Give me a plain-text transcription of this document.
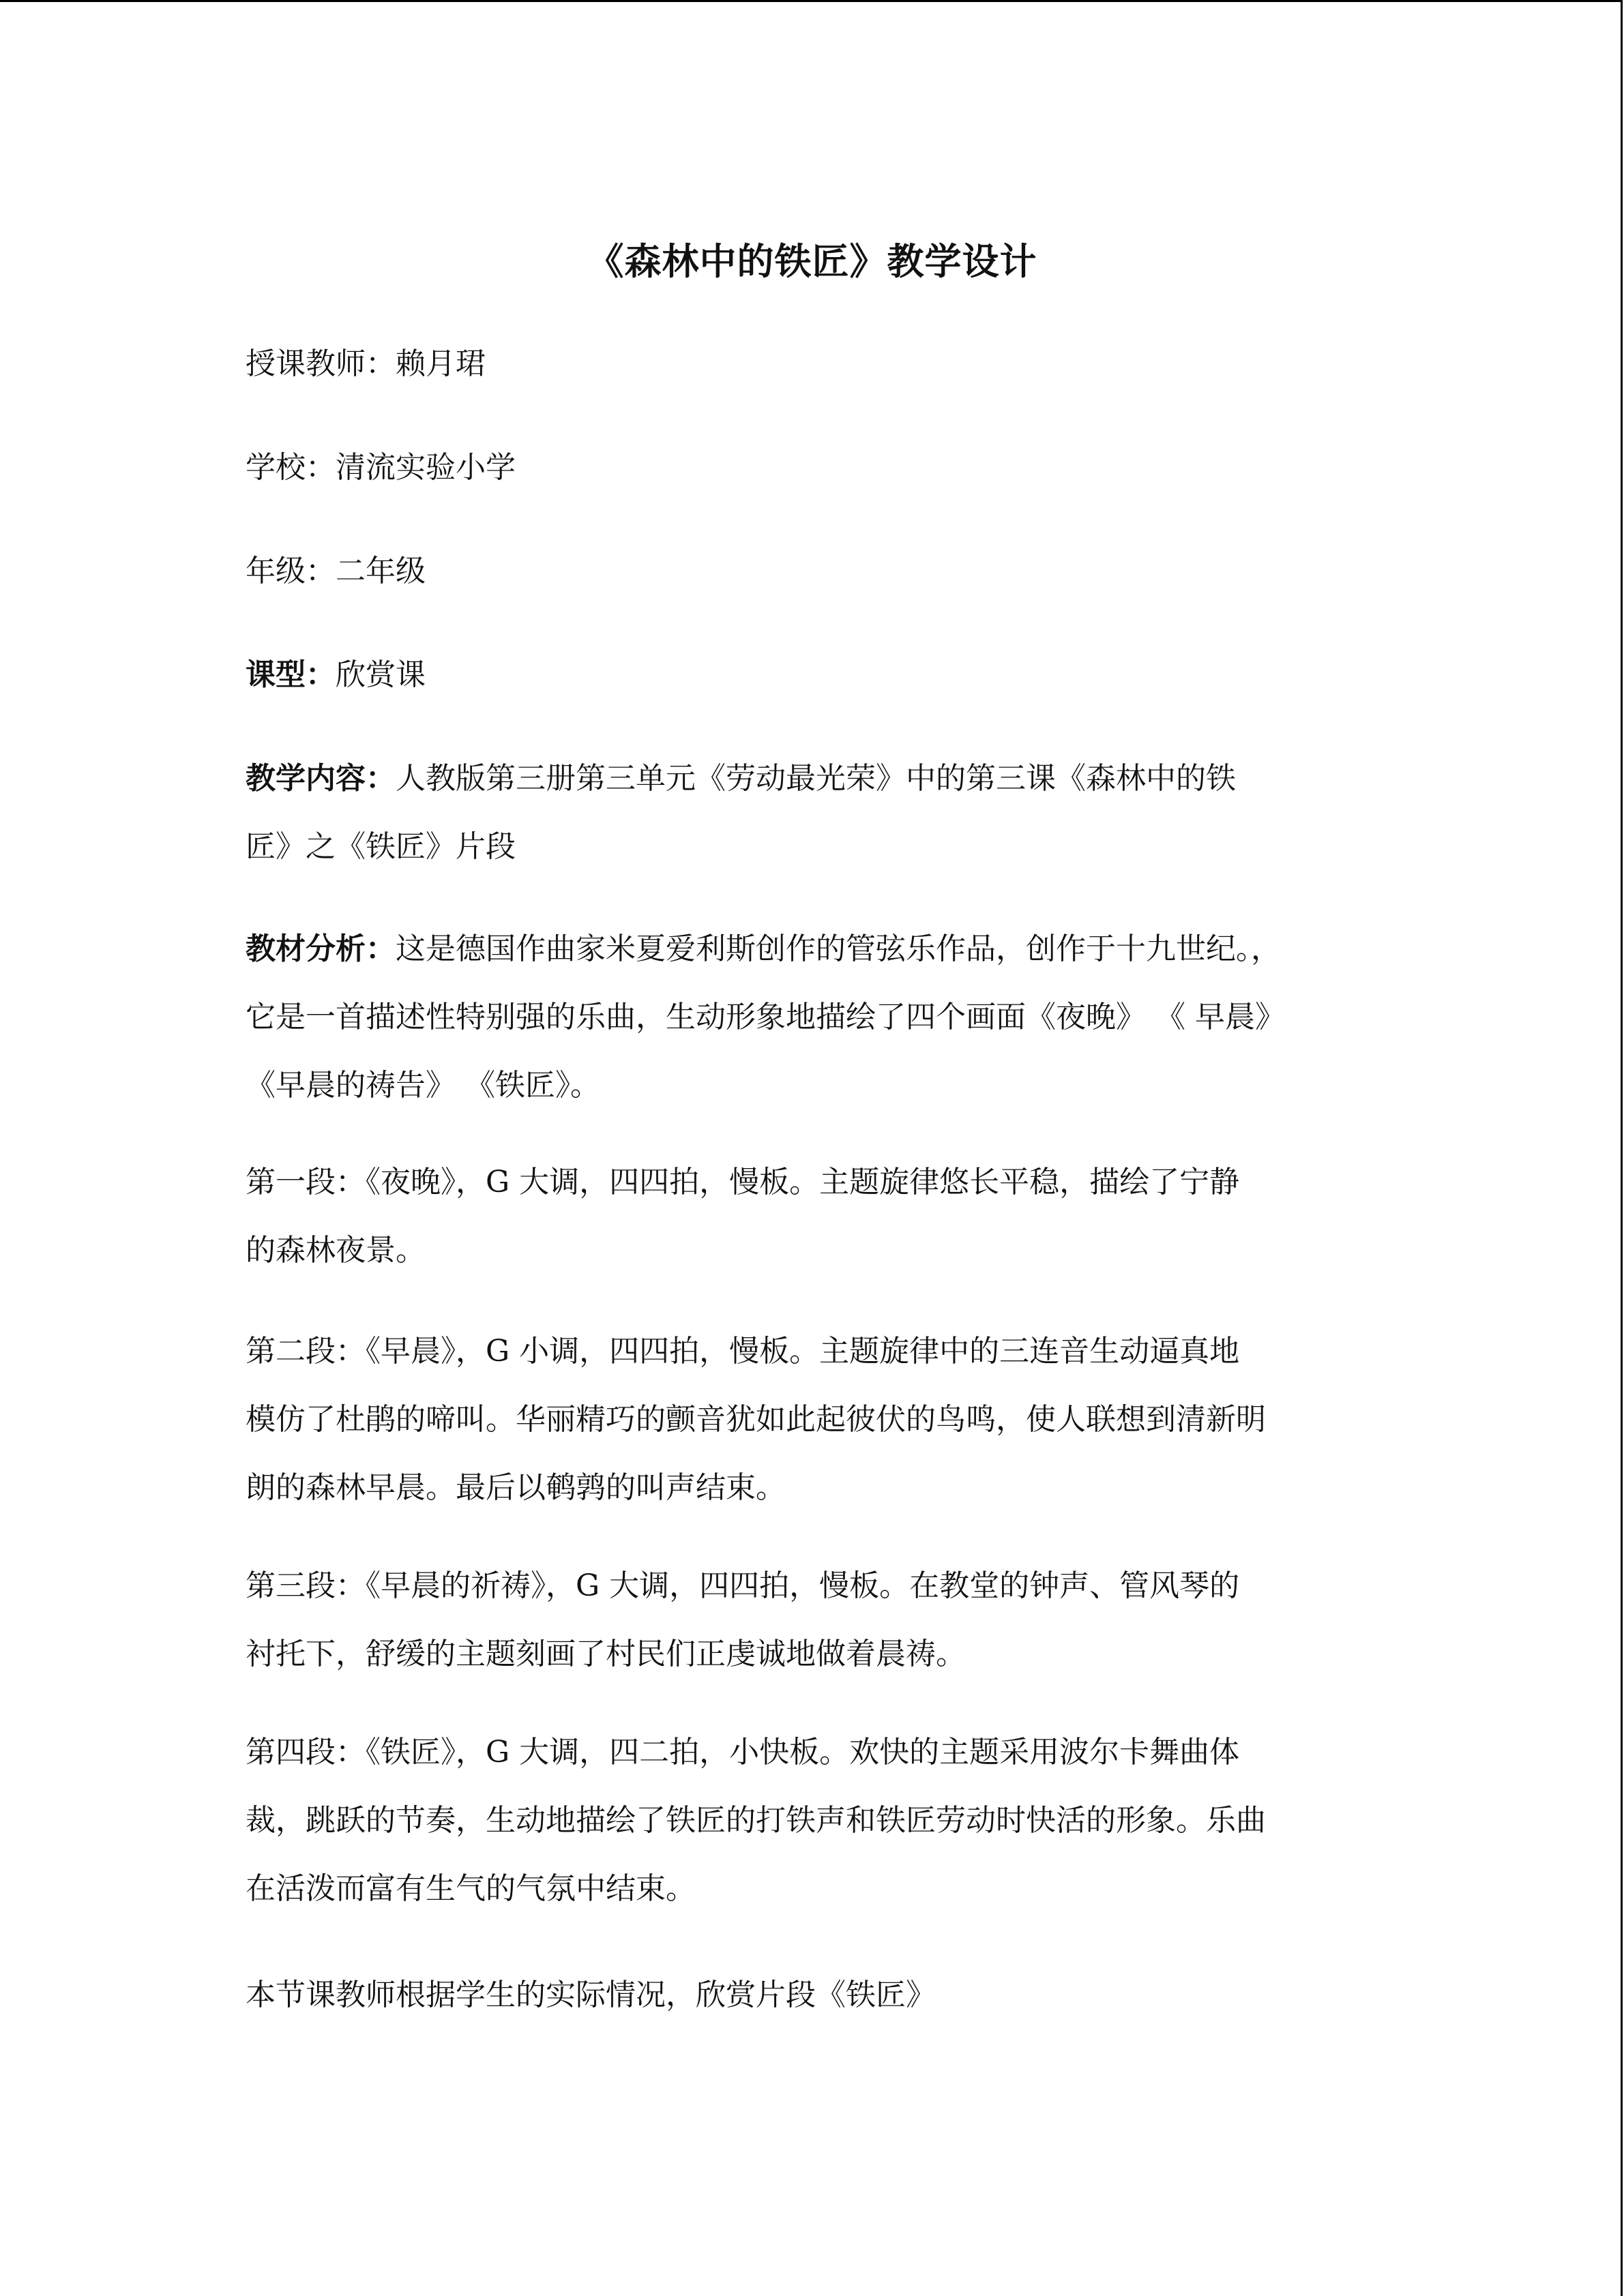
《森林中的铁匠》教学设计

授课教师：赖月珺

学校：清流实验小学

年级：二年级

课型：欣赏课

教学内容：人教版第三册第三单元《劳动最光荣》中的第三课《森林中的铁
匠》之《铁匠》片段
教材分析：这是德国作曲家米夏爱利斯创作的管弦乐作品，创作于十九世纪。，
它是一首描述性特别强的乐曲，生动形象地描绘了四个画面《夜晚》 《 早晨》
《早晨的祷告》 《铁匠》。
第一段：《夜晚》，G 大调，四四拍，慢板。主题旋律悠长平稳，描绘了宁静
的森林夜景。
第二段：《早晨》，G 小调，四四拍，慢板。主题旋律中的三连音生动逼真地
模仿了杜鹃的啼叫。华丽精巧的颤音犹如此起彼伏的鸟鸣，使人联想到清新明
朗的森林早晨。最后以鹌鹑的叫声结束。
第三段：《早晨的祈祷》，G 大调，四四拍，慢板。在教堂的钟声、管风琴的
衬托下，舒缓的主题刻画了村民们正虔诚地做着晨祷。
第四段：《铁匠》，G 大调，四二拍，小快板。欢快的主题采用波尔卡舞曲体
裁，跳跃的节奏，生动地描绘了铁匠的打铁声和铁匠劳动时快活的形象。乐曲
在活泼而富有生气的气氛中结束。

本节课教师根据学生的实际情况，欣赏片段《铁匠》
